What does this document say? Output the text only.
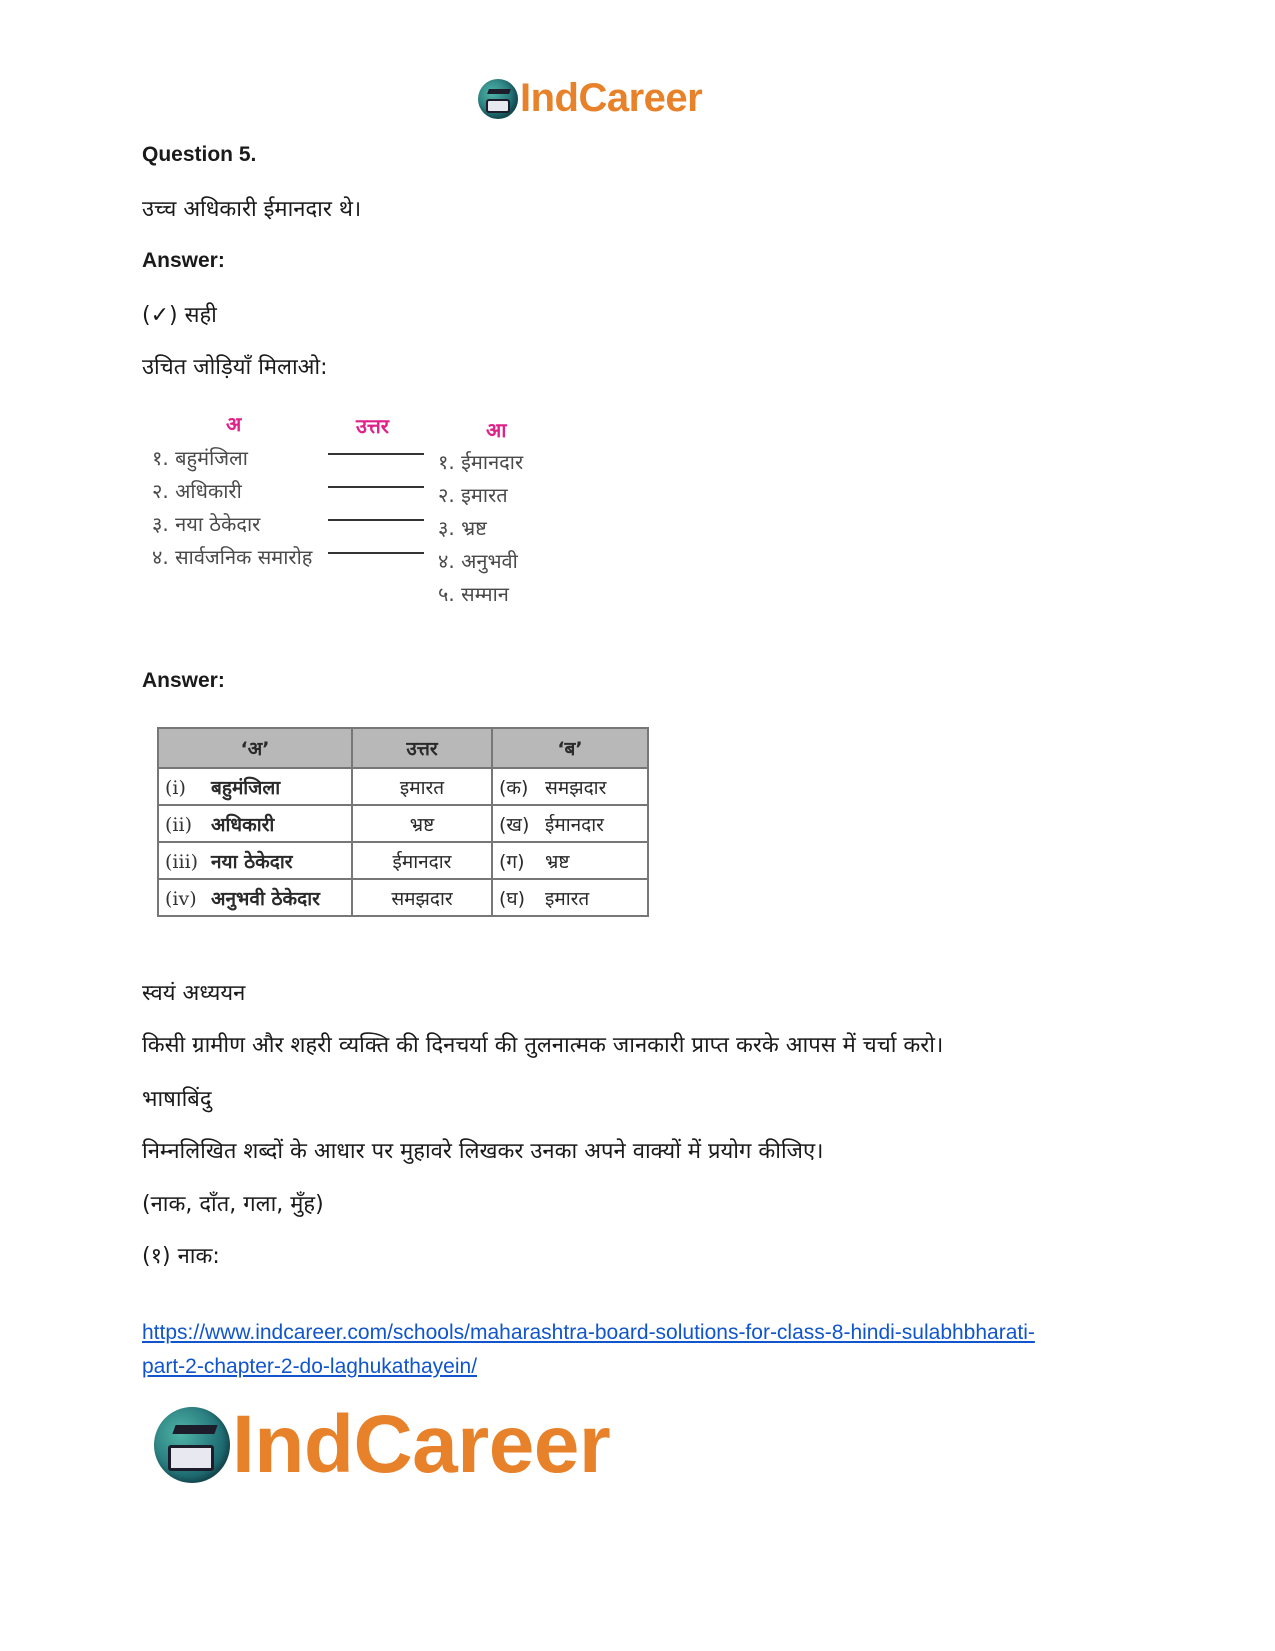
IndCareer
Question 5.
उच्च अधिकारी ईमानदार थे।
Answer:
(✓) सही
उचित जोड़ियाँ मिलाओ:
अ	उत्तर	आ
१. बहुमंजिला
२. अधिकारी
३. नया ठेकेदार
४. सार्वजनिक समारोह
१. ईमानदार
२. इमारत
३. भ्रष्ट
४. अनुभवी
५. सम्मान
Answer:
‘अ’	उत्तर	‘ब’
(i) बहुमंजिला	इमारत	(क) समझदार
(ii) अधिकारी	भ्रष्ट	(ख) ईमानदार
(iii) नया ठेकेदार	ईमानदार	(ग) भ्रष्ट
(iv) अनुभवी ठेकेदार	समझदार	(घ) इमारत
स्वयं अध्ययन
किसी ग्रामीण और शहरी व्यक्ति की दिनचर्या की तुलनात्मक जानकारी प्राप्त करके आपस में चर्चा करो।
भाषाबिंदु
निम्नलिखित शब्दों के आधार पर मुहावरे लिखकर उनका अपने वाक्यों में प्रयोग कीजिए।
(नाक, दाँत, गला, मुँह)
(१) नाक:
https://www.indcareer.com/schools/maharashtra-board-solutions-for-class-8-hindi-sulabhbharati-
part-2-chapter-2-do-laghukathayein/
IndCareer
